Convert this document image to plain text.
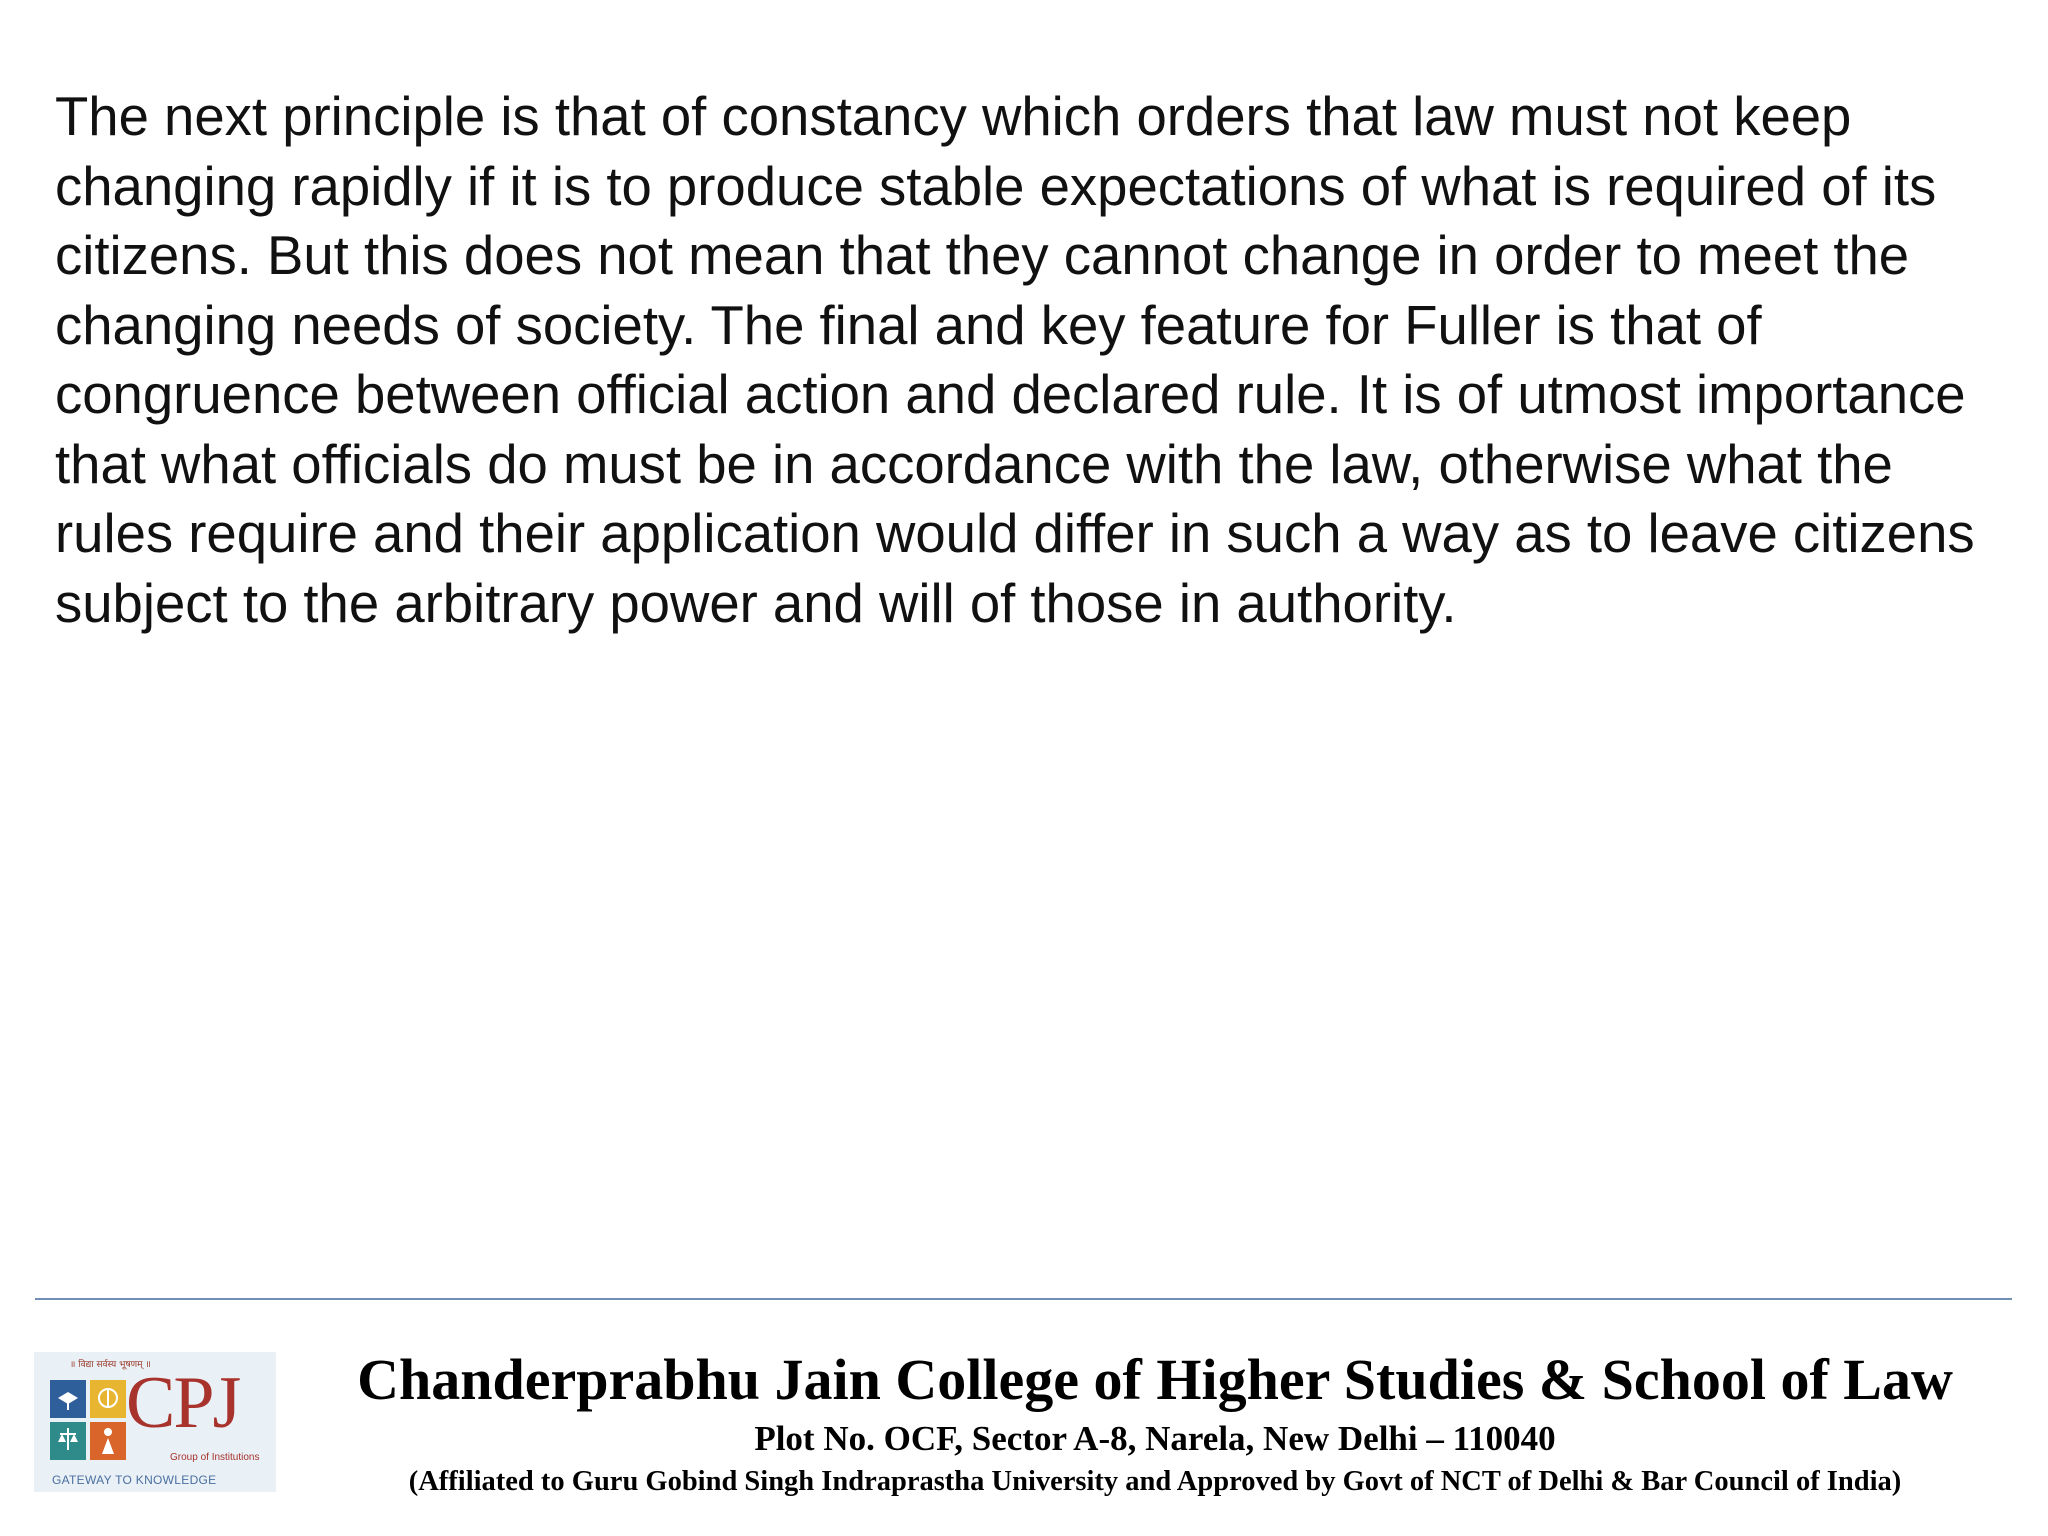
The next principle is that of constancy which orders that law must not keep changing rapidly if it is to produce stable expectations of what is required of its citizens. But this does not mean that they cannot change in order to meet the changing needs of society. The final and key feature for Fuller is that of congruence between official action and declared rule. It is of utmost importance that what officials do must be in accordance with the law, otherwise what the rules require and their application would differ in such a way as to leave citizens subject to the arbitrary power and will of those in authority.

॥ विद्या सर्वस्य भूषणम् ॥
CPJ
Group of Institutions
GATEWAY TO KNOWLEDGE
Chanderprabhu Jain College of Higher Studies & School of Law
Plot No. OCF, Sector A-8, Narela, New Delhi – 110040
(Affiliated to Guru Gobind Singh Indraprastha University and Approved by Govt of NCT of Delhi & Bar Council of India)
